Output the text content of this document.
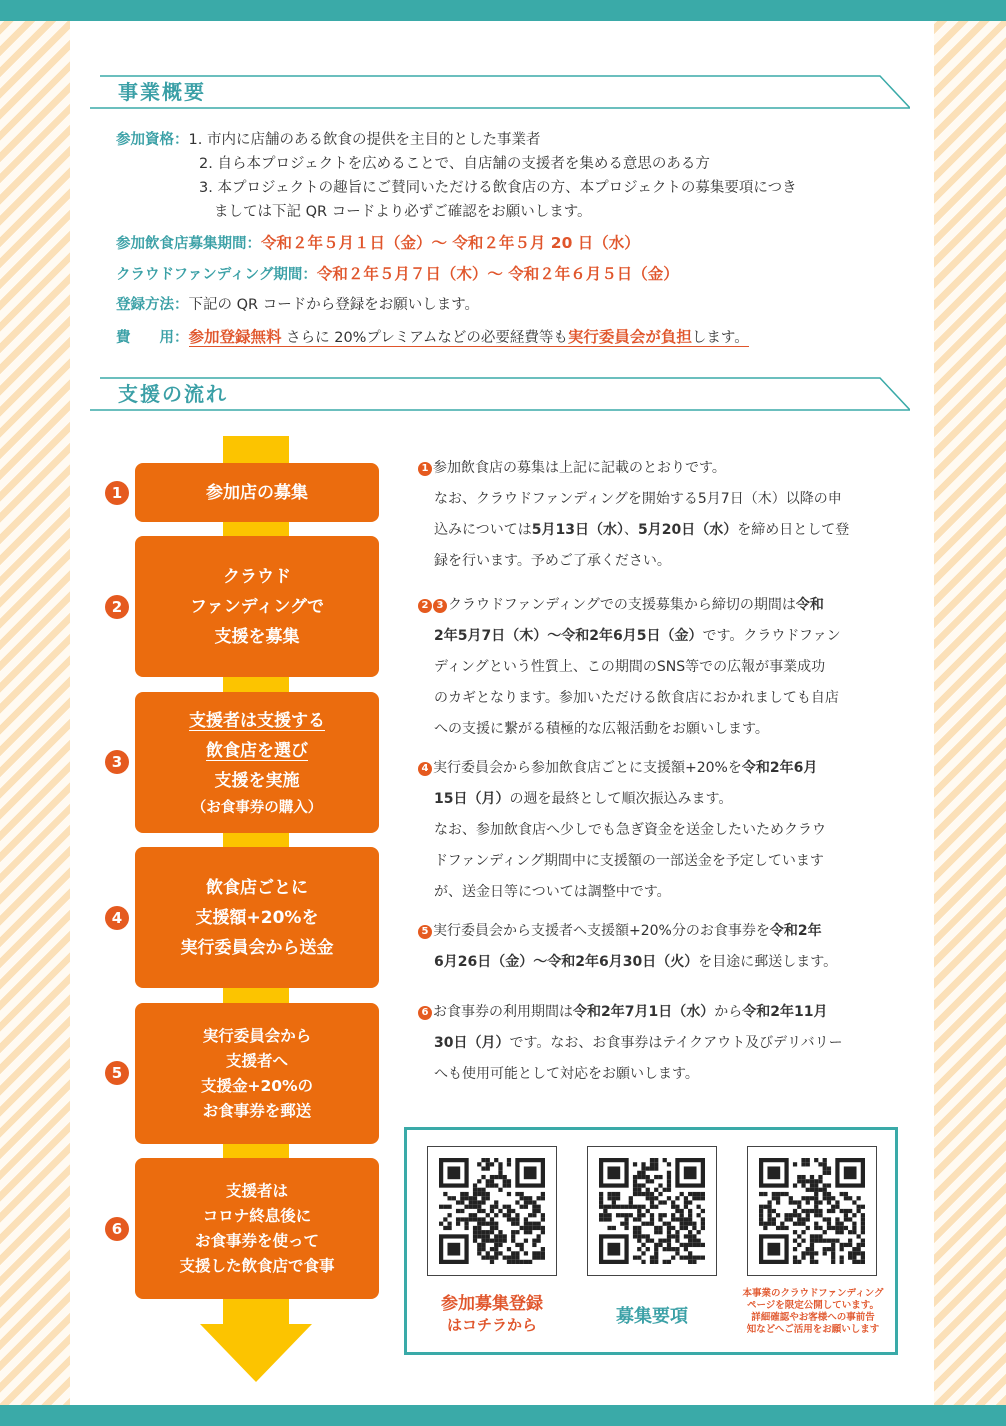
事業概要
参加資格：1. 市内に店舗のある飲食の提供を主目的とした事業者
2. 自ら本プロジェクトを広めることで、自店舗の支援者を集める意思のある方
3. 本プロジェクトの趣旨にご賛同いただける飲食店の方、本プロジェクトの募集要項につき
ましては下記 QR コードより必ずご確認をお願いします。
参加飲食店募集期間：令和２年５月１日（金）～ 令和２年５月 20 日（水）
クラウドファンディング期間：令和２年５月７日（木）～ 令和２年６月５日（金）
登録方法：下記の QR コードから登録をお願いします。
費　　用：参加登録無料 さらに 20%プレミアムなどの必要経費等も実行委員会が負担します。
支援の流れ
1	参加店の募集
2
クラウド
ファンディングで
支援を募集
3
支援者は支援する
飲食店を選び
支援を実施
（お食事券の購入）
4
飲食店ごとに
支援額+20%を
実行委員会から送金
5
実行委員会から
支援者へ
支援金+20%の
お食事券を郵送
6
支援者は
コロナ終息後に
お食事券を使って
支援した飲食店で食事
1 参加飲食店の募集は上記に記載のとおりです。
なお、クラウドファンディングを開始する5月7日（木）以降の申
込みについては5月13日（水）、5月20日（水）を締め日として登
録を行います。予めご了承ください。
2 3 クラウドファンディングでの支援募集から締切の期間は令和
2年5月7日（木）～令和2年6月5日（金）です。クラウドファン
ディングという性質上、この期間のSNS等での広報が事業成功
のカギとなります。参加いただける飲食店におかれましても自店
への支援に繋がる積極的な広報活動をお願いします。
4 実行委員会から参加飲食店ごとに支援額+20%を令和2年6月
15日（月）の週を最終として順次振込みます。
なお、参加飲食店へ少しでも急ぎ資金を送金したいためクラウ
ドファンディング期間中に支援額の一部送金を予定しています
が、送金日等については調整中です。
5 実行委員会から支援者へ支援額+20%分のお食事券を令和2年
6月26日（金）～令和2年6月30日（火）を目途に郵送します。
6 お食事券の利用期間は令和2年7月1日（水）から令和2年11月
30日（月）です。なお、お食事券はテイクアウト及びデリバリー
へも使用可能として対応をお願いします。
参加募集登録
はコチラから	募集要項
本事業のクラウドファンディング
ページを限定公開しています。
詳細確認やお客様への事前告
知などへご活用をお願いします
